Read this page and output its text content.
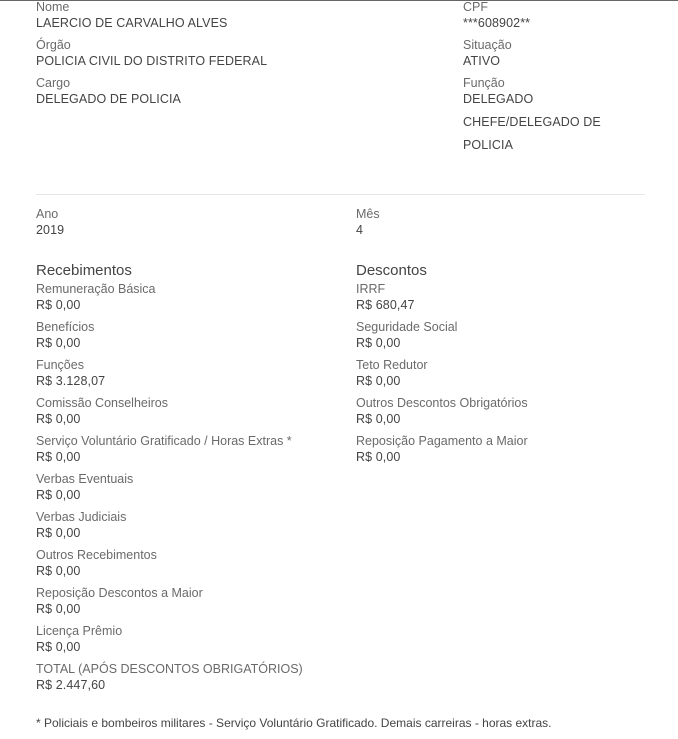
Nome
LAERCIO DE CARVALHO ALVES
CPF
***608902**
Órgão
POLICIA CIVIL DO DISTRITO FEDERAL
Situação
ATIVO
Cargo
DELEGADO DE POLICIA
Função
DELEGADO
CHEFE/DELEGADO DE
POLICIA
Ano
2019
Mês
4
Recebimentos	Descontos
Remuneração Básica
R$ 0,00
Benefícios
R$ 0,00
Funções
R$ 3.128,07
Comissão Conselheiros
R$ 0,00
Serviço Voluntário Gratificado / Horas Extras *
R$ 0,00
Verbas Eventuais
R$ 0,00
Verbas Judiciais
R$ 0,00
Outros Recebimentos
R$ 0,00
Reposição Descontos a Maior
R$ 0,00
Licença Prêmio
R$ 0,00
TOTAL (APÓS DESCONTOS OBRIGATÓRIOS)
R$ 2.447,60
IRRF
R$ 680,47
Seguridade Social
R$ 0,00
Teto Redutor
R$ 0,00
Outros Descontos Obrigatórios
R$ 0,00
Reposição Pagamento a Maior
R$ 0,00
* Policiais e bombeiros militares - Serviço Voluntário Gratificado. Demais carreiras - horas extras.
